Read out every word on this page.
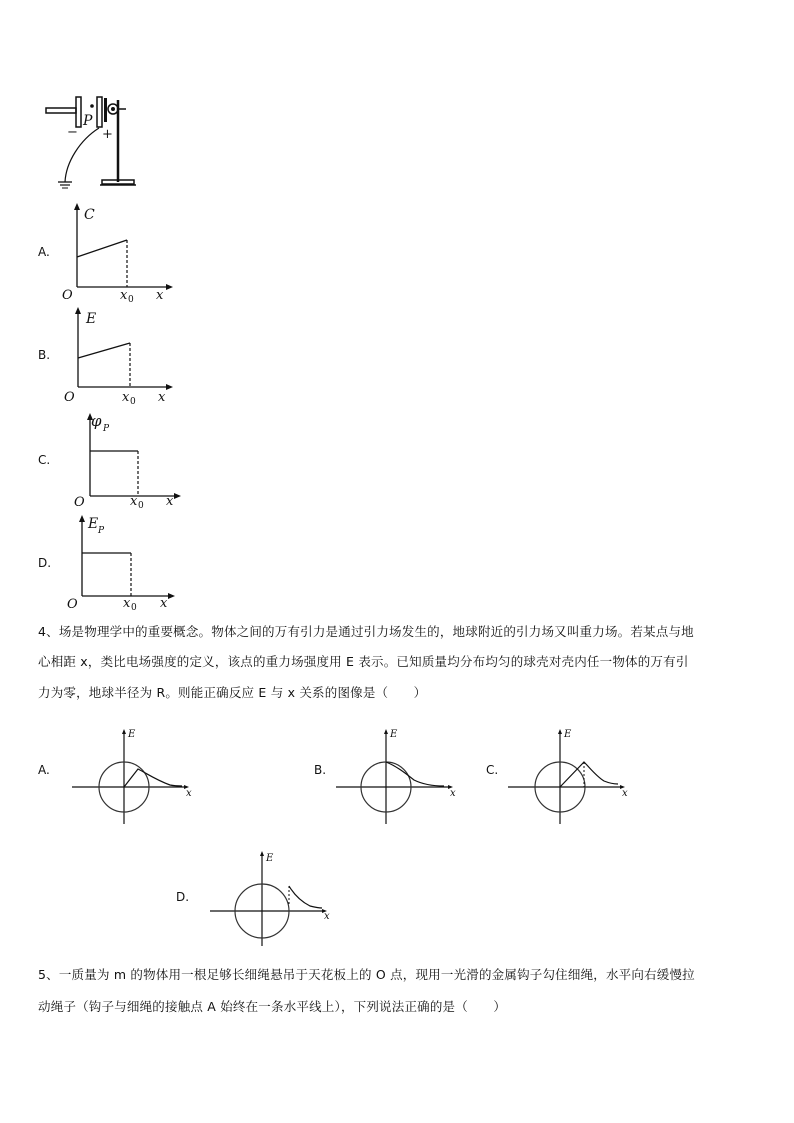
P
− +
A.
C
O	x 0 x
B.
E
O	x 0 x
C.
φ P
O	x 0 x
D.
E P
O	x 0 x
4、场是物理学中的重要概念。物体之间的万有引力是通过引力场发生的，地球附近的引力场又叫重力场。若某点与地
心相距 x，类比电场强度的定义，该点的重力场强度用 E 表示。已知质量均分布均匀的球壳对壳内任一物体的万有引
力为零，地球半径为 R。则能正确反应 E 与 x 关系的图像是（　　）
A.
E
x
B.
E
x
C.
E
x
D.
E
x
5、一质量为 m 的物体用一根足够长细绳悬吊于天花板上的 O 点，现用一光滑的金属钩子勾住细绳，水平向右缓慢拉
动绳子（钩子与细绳的接触点 A 始终在一条水平线上），下列说法正确的是（　　）
